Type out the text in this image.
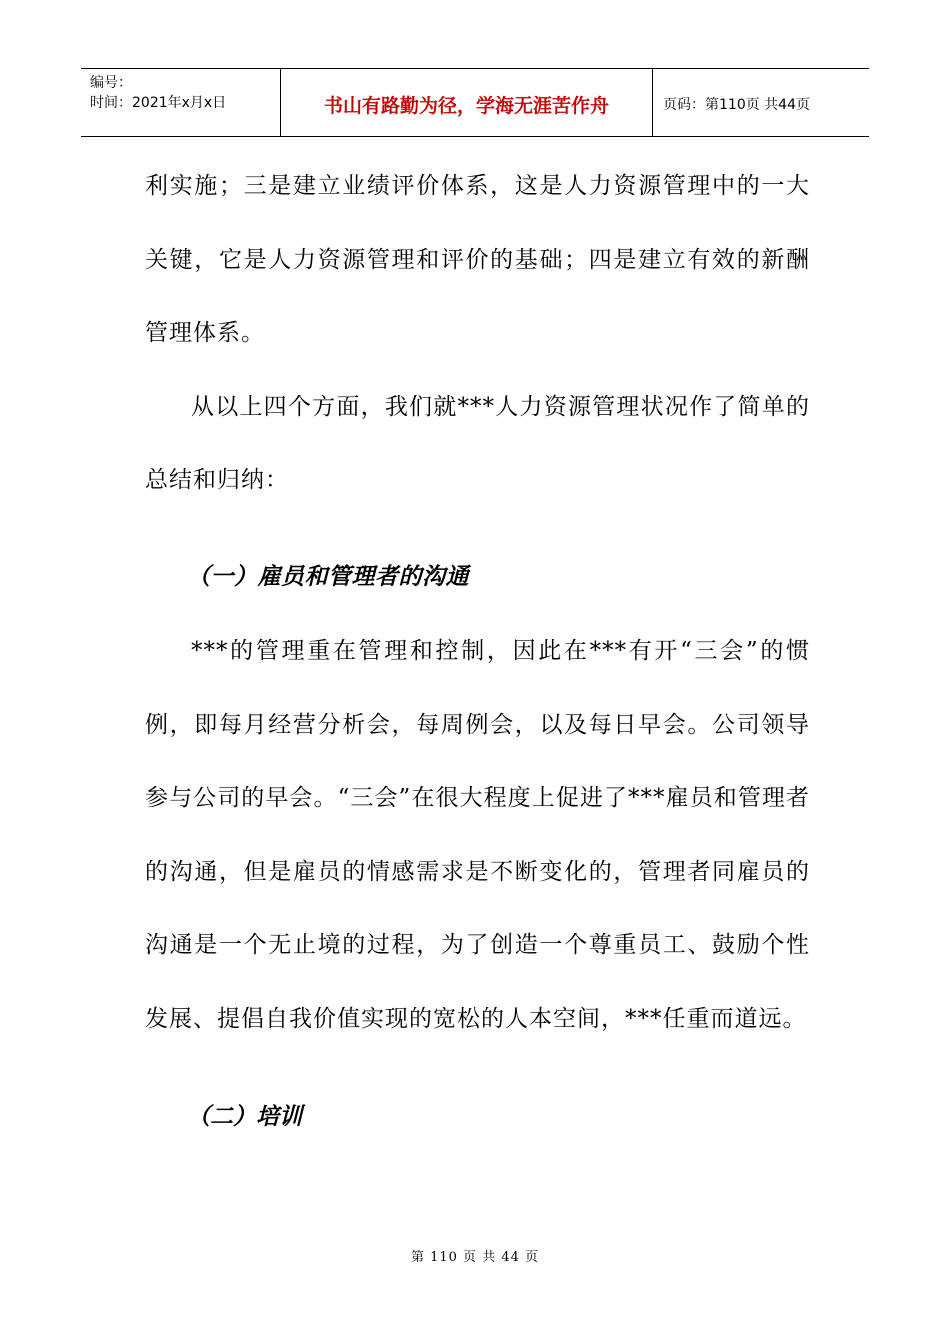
编号：
时间：2021年x月x日	书山有路勤为径，学海无涯苦作舟	页码：第110页 共44页

利实施；三是建立业绩评价体系，这是人力资源管理中的一大关键，它是人力资源管理和评价的基础；四是建立有效的新酬管理体系。

从以上四个方面，我们就***人力资源管理状况作了简单的总结和归纳：

（一）雇员和管理者的沟通

***的管理重在管理和控制，因此在***有开“三会”的惯例，即每月经营分析会，每周例会，以及每日早会。公司领导参与公司的早会。“三会”在很大程度上促进了***雇员和管理者的沟通，但是雇员的情感需求是不断变化的，管理者同雇员的沟通是一个无止境的过程，为了创造一个尊重员工、鼓励个性发展、提倡自我价值实现的宽松的人本空间，***任重而道远。

（二）培训
第 110 页 共 44 页
